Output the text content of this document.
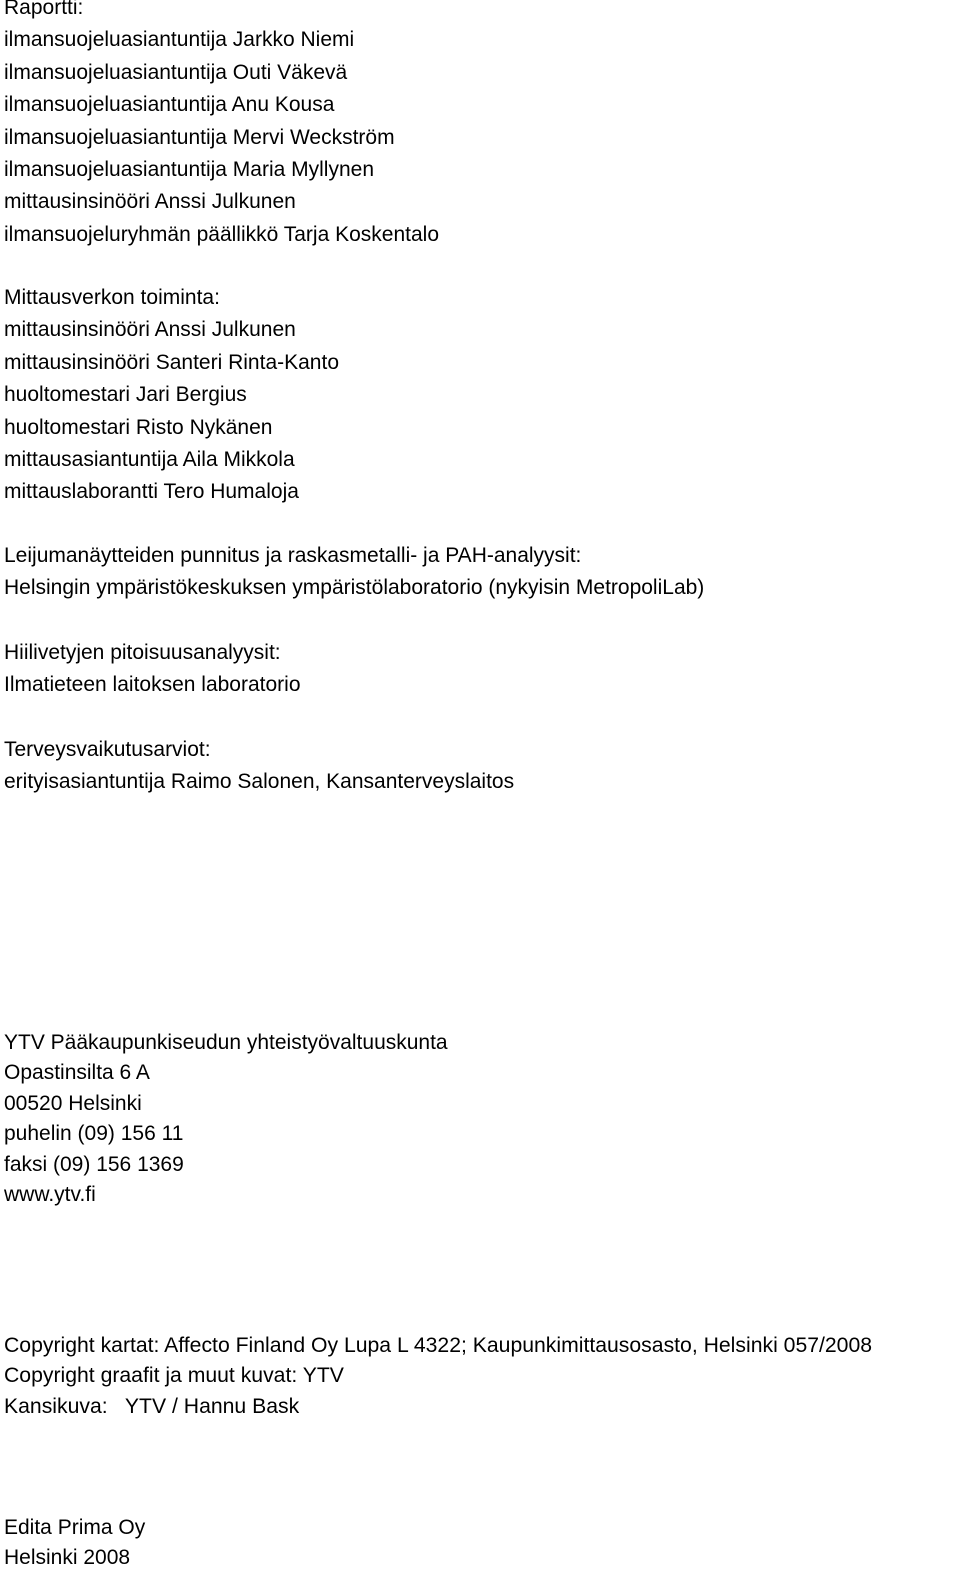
Raportti:

ilmansuojeluasiantuntija Jarkko Niemi

ilmansuojeluasiantuntija Outi Väkevä

ilmansuojeluasiantuntija Anu Kousa

ilmansuojeluasiantuntija Mervi Weckström

ilmansuojeluasiantuntija Maria Myllynen

mittausinsinööri Anssi Julkunen

ilmansuojeluryhmän päällikkö Tarja Koskentalo

Mittausverkon toiminta:

mittausinsinööri Anssi Julkunen

mittausinsinööri Santeri Rinta-Kanto

huoltomestari Jari Bergius

huoltomestari Risto Nykänen

mittausasiantuntija Aila Mikkola

mittauslaborantti Tero Humaloja

Leijumanäytteiden punnitus ja raskasmetalli- ja PAH-analyysit:

Helsingin ympäristökeskuksen ympäristölaboratorio (nykyisin MetropoliLab)

Hiilivetyjen pitoisuusanalyysit:

Ilmatieteen laitoksen laboratorio

Terveysvaikutusarviot:

erityisasiantuntija Raimo Salonen, Kansanterveyslaitos

YTV Pääkaupunkiseudun yhteistyövaltuuskunta

Opastinsilta 6 A

00520 Helsinki

puhelin (09) 156 11

faksi (09) 156 1369

www.ytv.fi

Copyright kartat: Affecto Finland Oy Lupa L 4322; Kaupunkimittausosasto, Helsinki 057/2008

Copyright graafit ja muut kuvat: YTV

Kansikuva:   YTV / Hannu Bask

Edita Prima Oy

Helsinki 2008
